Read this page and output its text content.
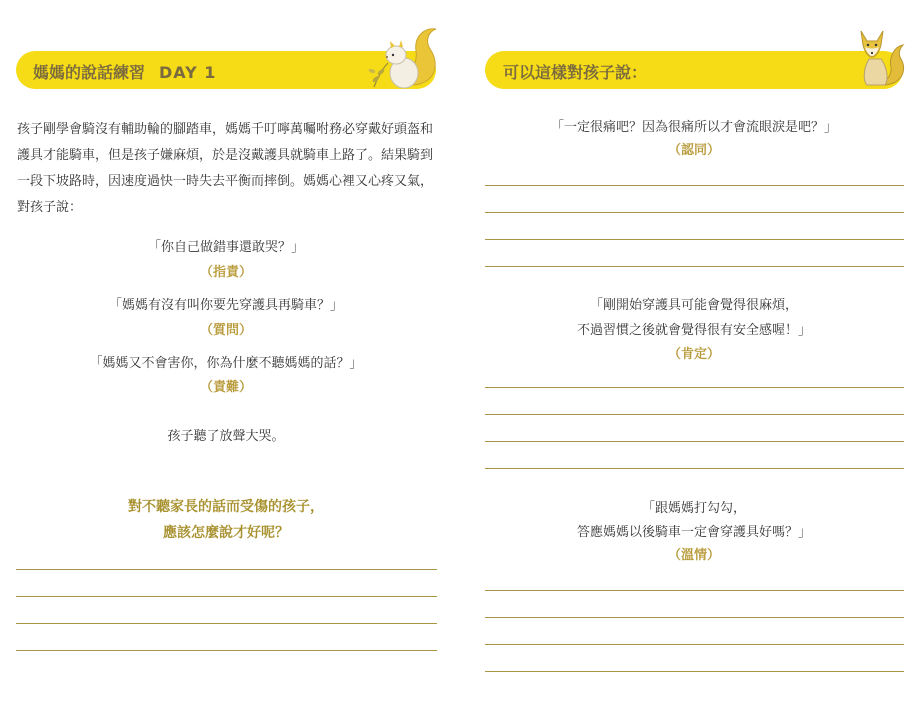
媽媽的說話練習 DAY 1

孩子剛學會騎沒有輔助輪的腳踏車，媽媽千叮嚀萬囑咐務必穿戴好頭盔和護具才能騎車，但是孩子嫌麻煩，於是沒戴護具就騎車上路了。結果騎到一段下坡路時，因速度過快一時失去平衡而摔倒。媽媽心裡又心疼又氣，對孩子說：

「你自己做錯事還敢哭？」
（指責）
「媽媽有沒有叫你要先穿護具再騎車？」
（質問）
「媽媽又不會害你，你為什麼不聽媽媽的話？」
（責難）
孩子聽了放聲大哭。
對不聽家長的話而受傷的孩子，
應該怎麼說才好呢？
可以這樣對孩子說：
「一定很痛吧？因為很痛所以才會流眼淚是吧？」
（認同）
「剛開始穿護具可能會覺得很麻煩，
不過習慣之後就會覺得很有安全感喔！」
（肯定）
「跟媽媽打勾勾，
答應媽媽以後騎車一定會穿護具好嗎？」
（溫情）
